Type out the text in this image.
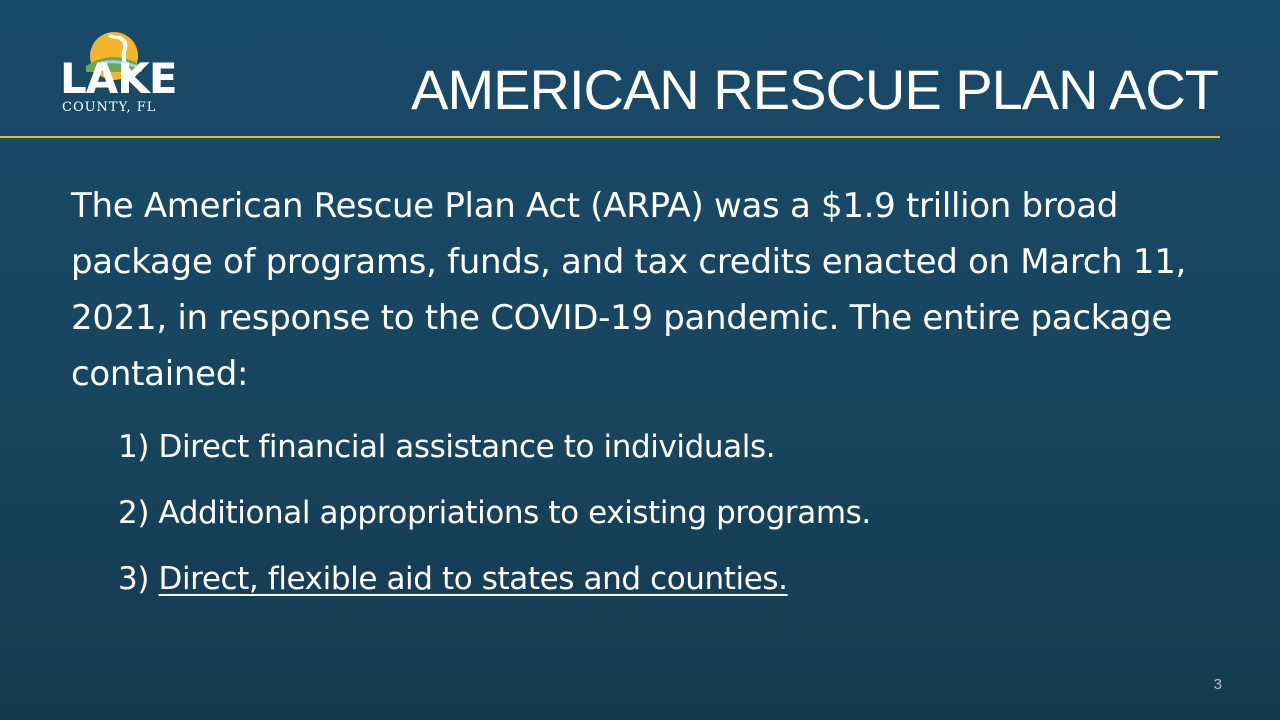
LAKE
COUNTY, FL	AMERICAN RESCUE PLAN ACT

The American Rescue Plan Act (ARPA) was a $1.9 trillion broad package of programs, funds, and tax credits enacted on March 11, 2021, in response to the COVID-19 pandemic. The entire package contained:

1) Direct financial assistance to individuals.
2) Additional appropriations to existing programs.
3) Direct, flexible aid to states and counties.
3
